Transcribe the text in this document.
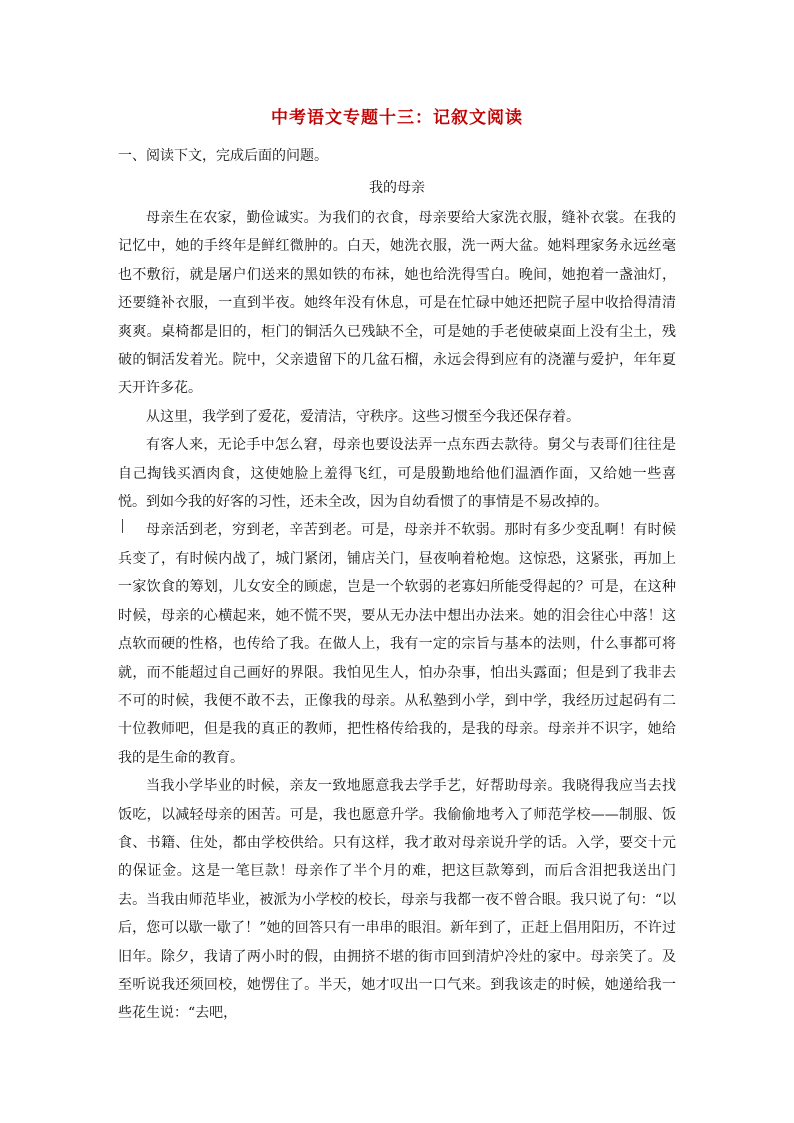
中考语文专题十三：记叙文阅读

一、阅读下文，完成后面的问题。

我的母亲

母亲生在农家，勤俭诚实。为我们的衣食，母亲要给大家洗衣服，缝补衣裳。在我的记忆中，她的手终年是鲜红微肿的。白天，她洗衣服，洗一两大盆。她料理家务永远丝毫也不敷衍，就是屠户们送来的黑如铁的布袜，她也给洗得雪白。晚间，她抱着一盏油灯，还要缝补衣服，一直到半夜。她终年没有休息，可是在忙碌中她还把院子屋中收拾得清清爽爽。桌椅都是旧的，柜门的铜活久已残缺不全，可是她的手老使破桌面上没有尘土，残破的铜活发着光。院中，父亲遗留下的几盆石榴，永远会得到应有的浇灌与爱护，年年夏天开许多花。

从这里，我学到了爱花，爱清洁，守秩序。这些习惯至今我还保存着。

有客人来，无论手中怎么窘，母亲也要设法弄一点东西去款待。舅父与表哥们往往是自己掏钱买酒肉食，这使她脸上羞得飞红，可是殷勤地给他们温酒作面，又给她一些喜悦。到如今我的好客的习性，还未全改，因为自幼看惯了的事情是不易改掉的。

母亲活到老，穷到老，辛苦到老。可是，母亲并不软弱。那时有多少变乱啊！有时候兵变了，有时候内战了，城门紧闭，铺店关门，昼夜响着枪炮。这惊恐，这紧张，再加上一家饮食的筹划，儿女安全的顾虑，岂是一个软弱的老寡妇所能受得起的？可是，在这种时候，母亲的心横起来，她不慌不哭，要从无办法中想出办法来。她的泪会往心中落！这点软而硬的性格，也传给了我。在做人上，我有一定的宗旨与基本的法则，什么事都可将就，而不能超过自己画好的界限。我怕见生人，怕办杂事，怕出头露面；但是到了我非去不可的时候，我便不敢不去，正像我的母亲。从私塾到小学，到中学，我经历过起码有二十位教师吧，但是我的真正的教师，把性格传给我的，是我的母亲。母亲并不识字，她给我的是生命的教育。

当我小学毕业的时候，亲友一致地愿意我去学手艺，好帮助母亲。我晓得我应当去找饭吃，以减轻母亲的困苦。可是，我也愿意升学。我偷偷地考入了师范学校——制服、饭食、书籍、住处，都由学校供给。只有这样，我才敢对母亲说升学的话。入学，要交十元的保证金。这是一笔巨款！母亲作了半个月的难，把这巨款筹到，而后含泪把我送出门去。当我由师范毕业，被派为小学校的校长，母亲与我都一夜不曾合眼。我只说了句：“以后，您可以歇一歇了！”她的回答只有一串串的眼泪。新年到了，正赶上倡用阳历，不许过旧年。除夕，我请了两小时的假，由拥挤不堪的街市回到清炉冷灶的家中。母亲笑了。及至听说我还须回校，她愣住了。半天，她才叹出一口气来。到我该走的时候，她递给我一些花生说：“去吧，
